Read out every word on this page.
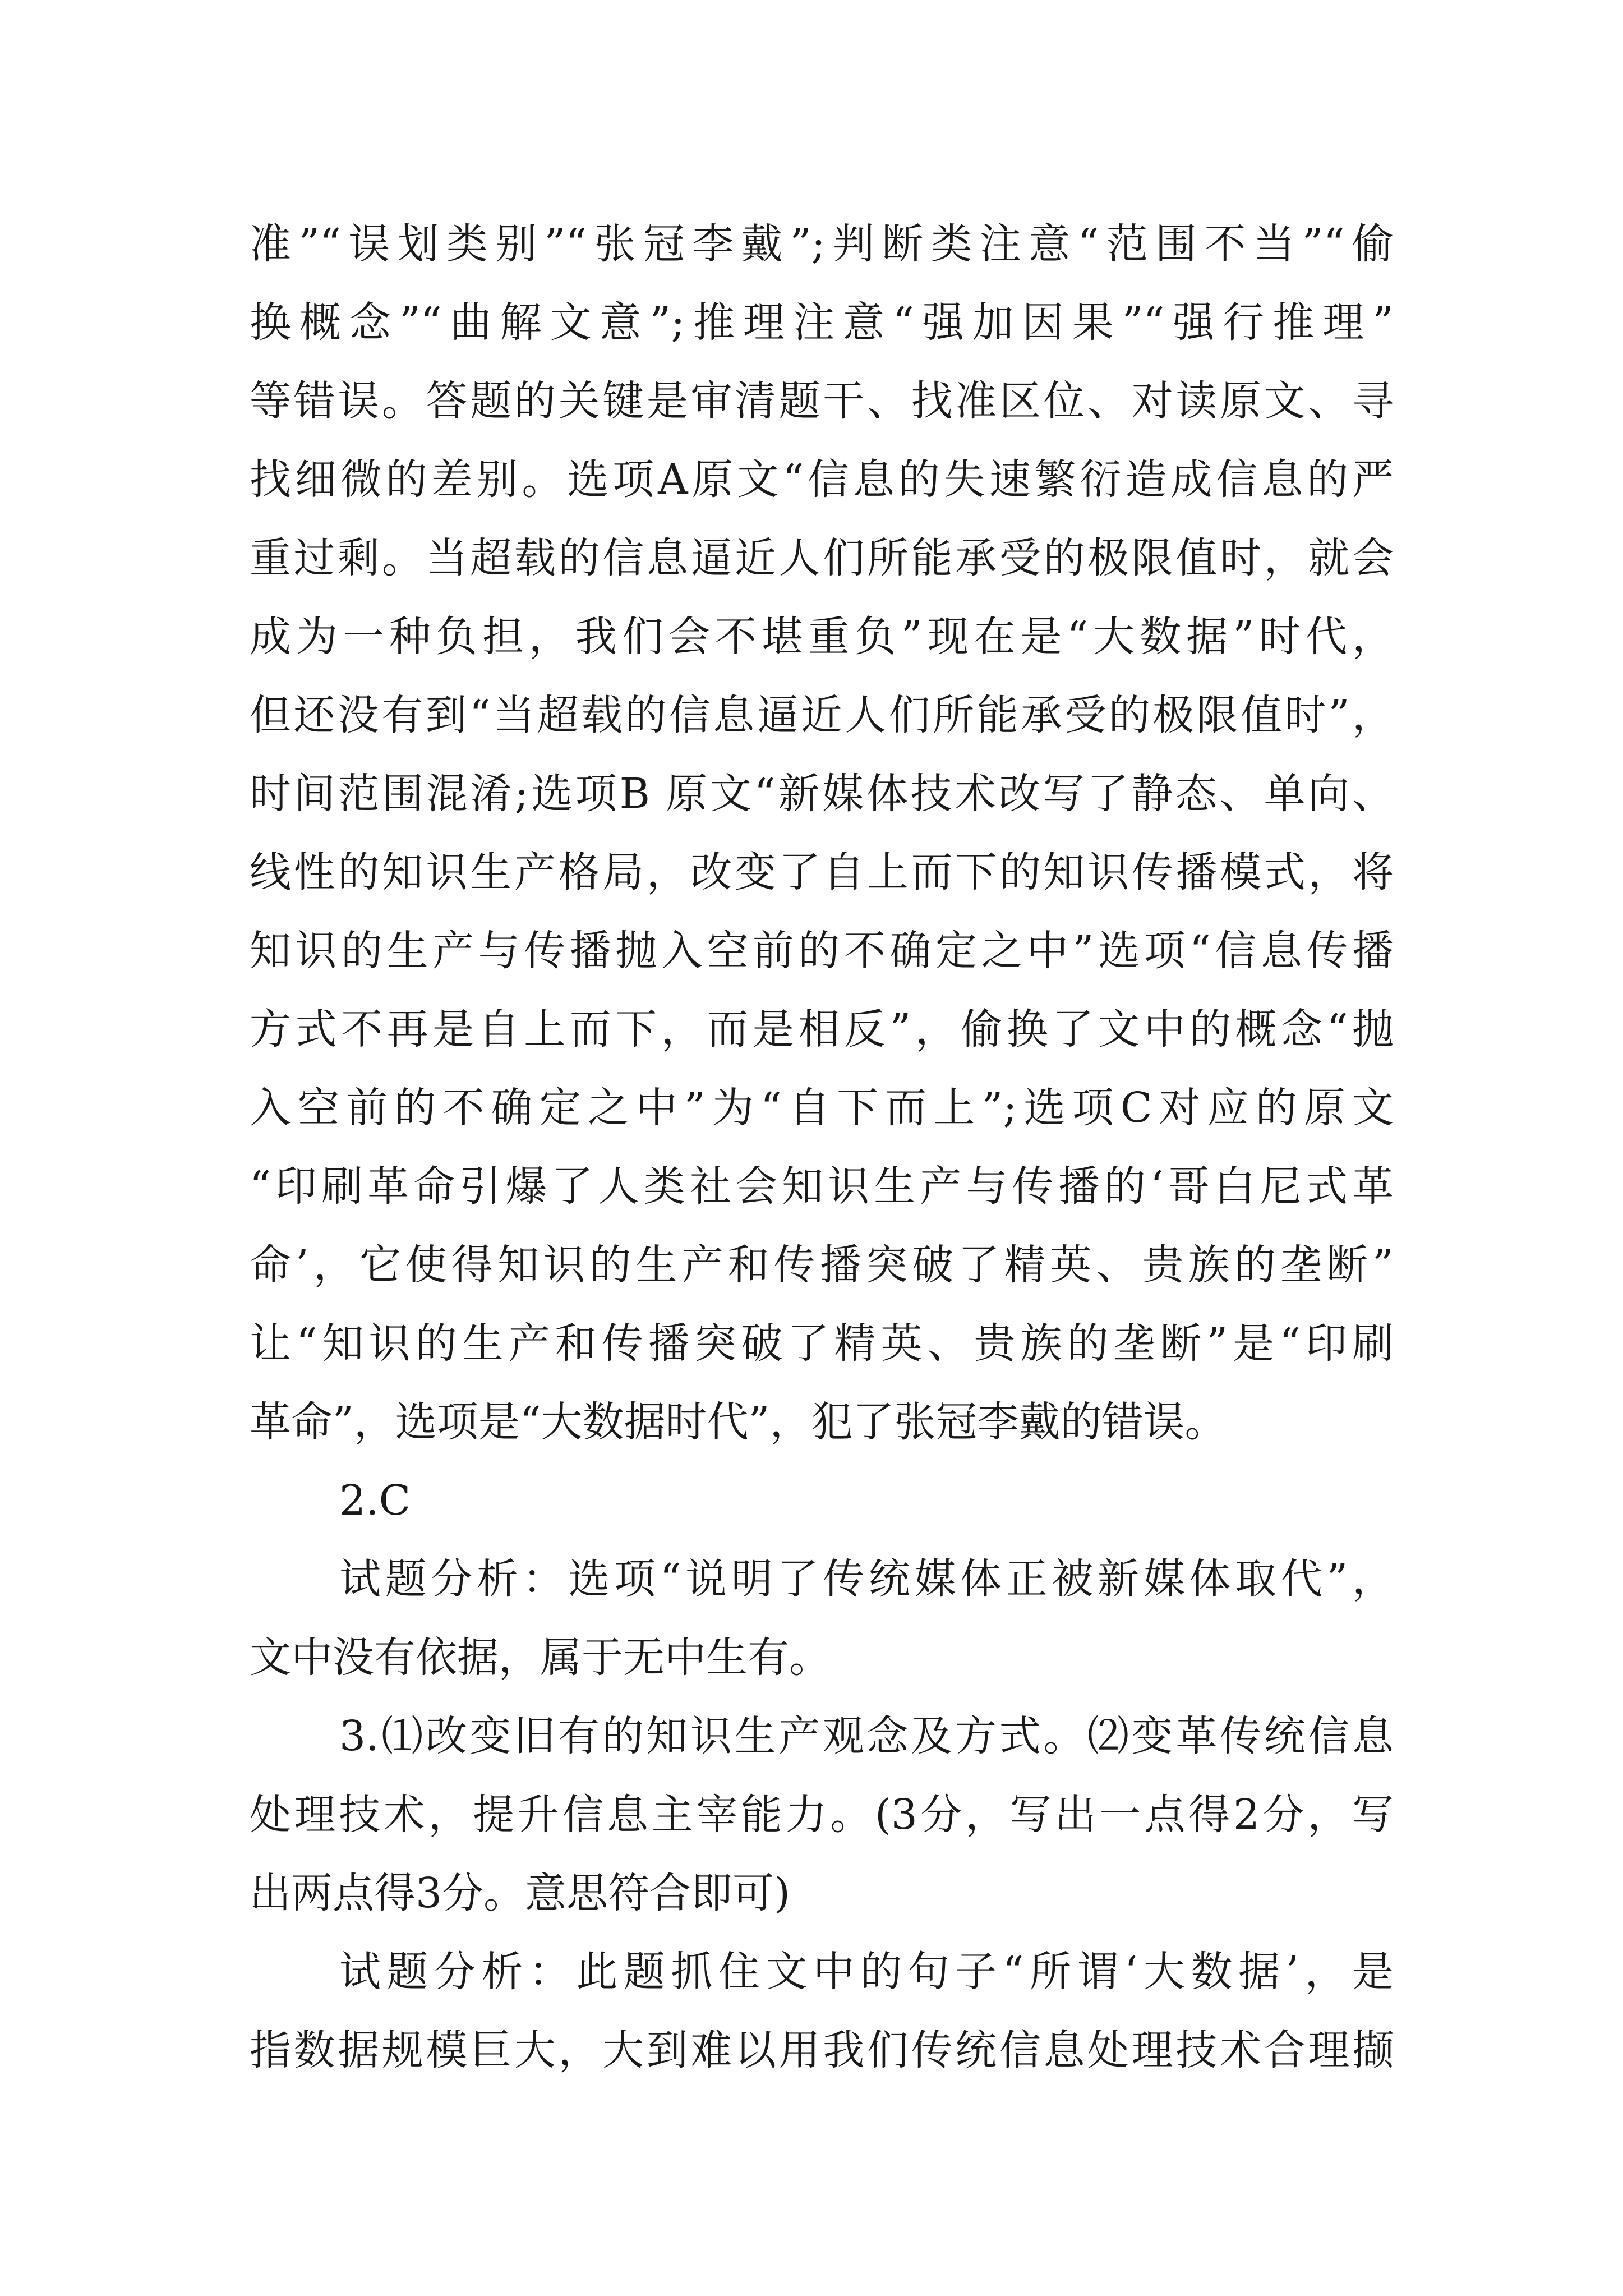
准”“误划类别”“张冠李戴”;判断类注意“范围不当”“偷
换概念”“曲解文意”;推理注意“强加因果”“强行推理”
等错误。答题的关键是审清题干、找准区位、对读原文、寻
找细微的差别。选项A原文“信息的失速繁衍造成信息的严
重过剩。当超载的信息逼近人们所能承受的极限值时，就会
成为一种负担，我们会不堪重负”现在是“大数据”时代，
但还没有到“当超载的信息逼近人们所能承受的极限值时”，
时间范围混淆;选项B 原文“新媒体技术改写了静态、单向、
线性的知识生产格局，改变了自上而下的知识传播模式，将
知识的生产与传播抛入空前的不确定之中”选项“信息传播
方式不再是自上而下，而是相反”，偷换了文中的概念“抛
入空前的不确定之中”为“自下而上”;选项C对应的原文
“印刷革命引爆了人类社会知识生产与传播的‘哥白尼式革
命’，它使得知识的生产和传播突破了精英、贵族的垄断”
让“知识的生产和传播突破了精英、贵族的垄断”是“印刷
革命”，选项是“大数据时代”，犯了张冠李戴的错误。
2.C
试题分析：选项“说明了传统媒体正被新媒体取代”，
文中没有依据，属于无中生有。
3.⑴改变旧有的知识生产观念及方式。⑵变革传统信息
处理技术，提升信息主宰能力。(3分，写出一点得2分，写
出两点得3分。意思符合即可)
试题分析：此题抓住文中的句子“所谓‘大数据’，是
指数据规模巨大，大到难以用我们传统信息处理技术合理撷
